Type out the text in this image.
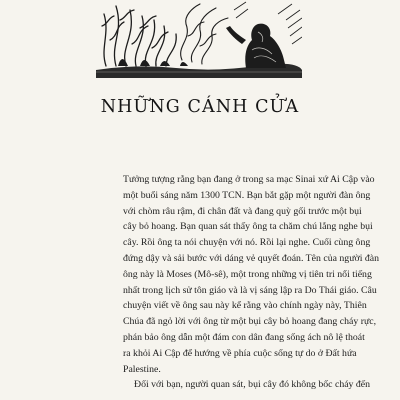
NHỮNG CÁNH CỬA
Tưởng tượng rằng bạn đang ở trong sa mạc Sinai xứ Ai Cập vào
một buổi sáng năm 1300 TCN. Bạn bắt gặp một người đàn ông
với chòm râu rậm, đi chân đất và đang quỳ gối trước một bụi
cây bỏ hoang. Bạn quan sát thấy ông ta chăm chú lắng nghe bụi
cây. Rồi ông ta nói chuyện với nó. Rồi lại nghe. Cuối cùng ông
đứng dậy và sải bước với dáng vẻ quyết đoán. Tên của người đàn
ông này là Moses (Mô-sê), một trong những vị tiên tri nổi tiếng
nhất trong lịch sử tôn giáo và là vị sáng lập ra Do Thái giáo. Câu
chuyện viết về ông sau này kể rằng vào chính ngày này, Thiên
Chúa đã ngỏ lời với ông từ một bụi cây bỏ hoang đang cháy rực,
phán bảo ông dẫn một đám con dân đang sống ách nô lệ thoát
ra khỏi Ai Cập để hướng về phía cuộc sống tự do ở Đất hứa
Palestine.
Đối với bạn, người quan sát, bụi cây đó không bốc cháy đến
